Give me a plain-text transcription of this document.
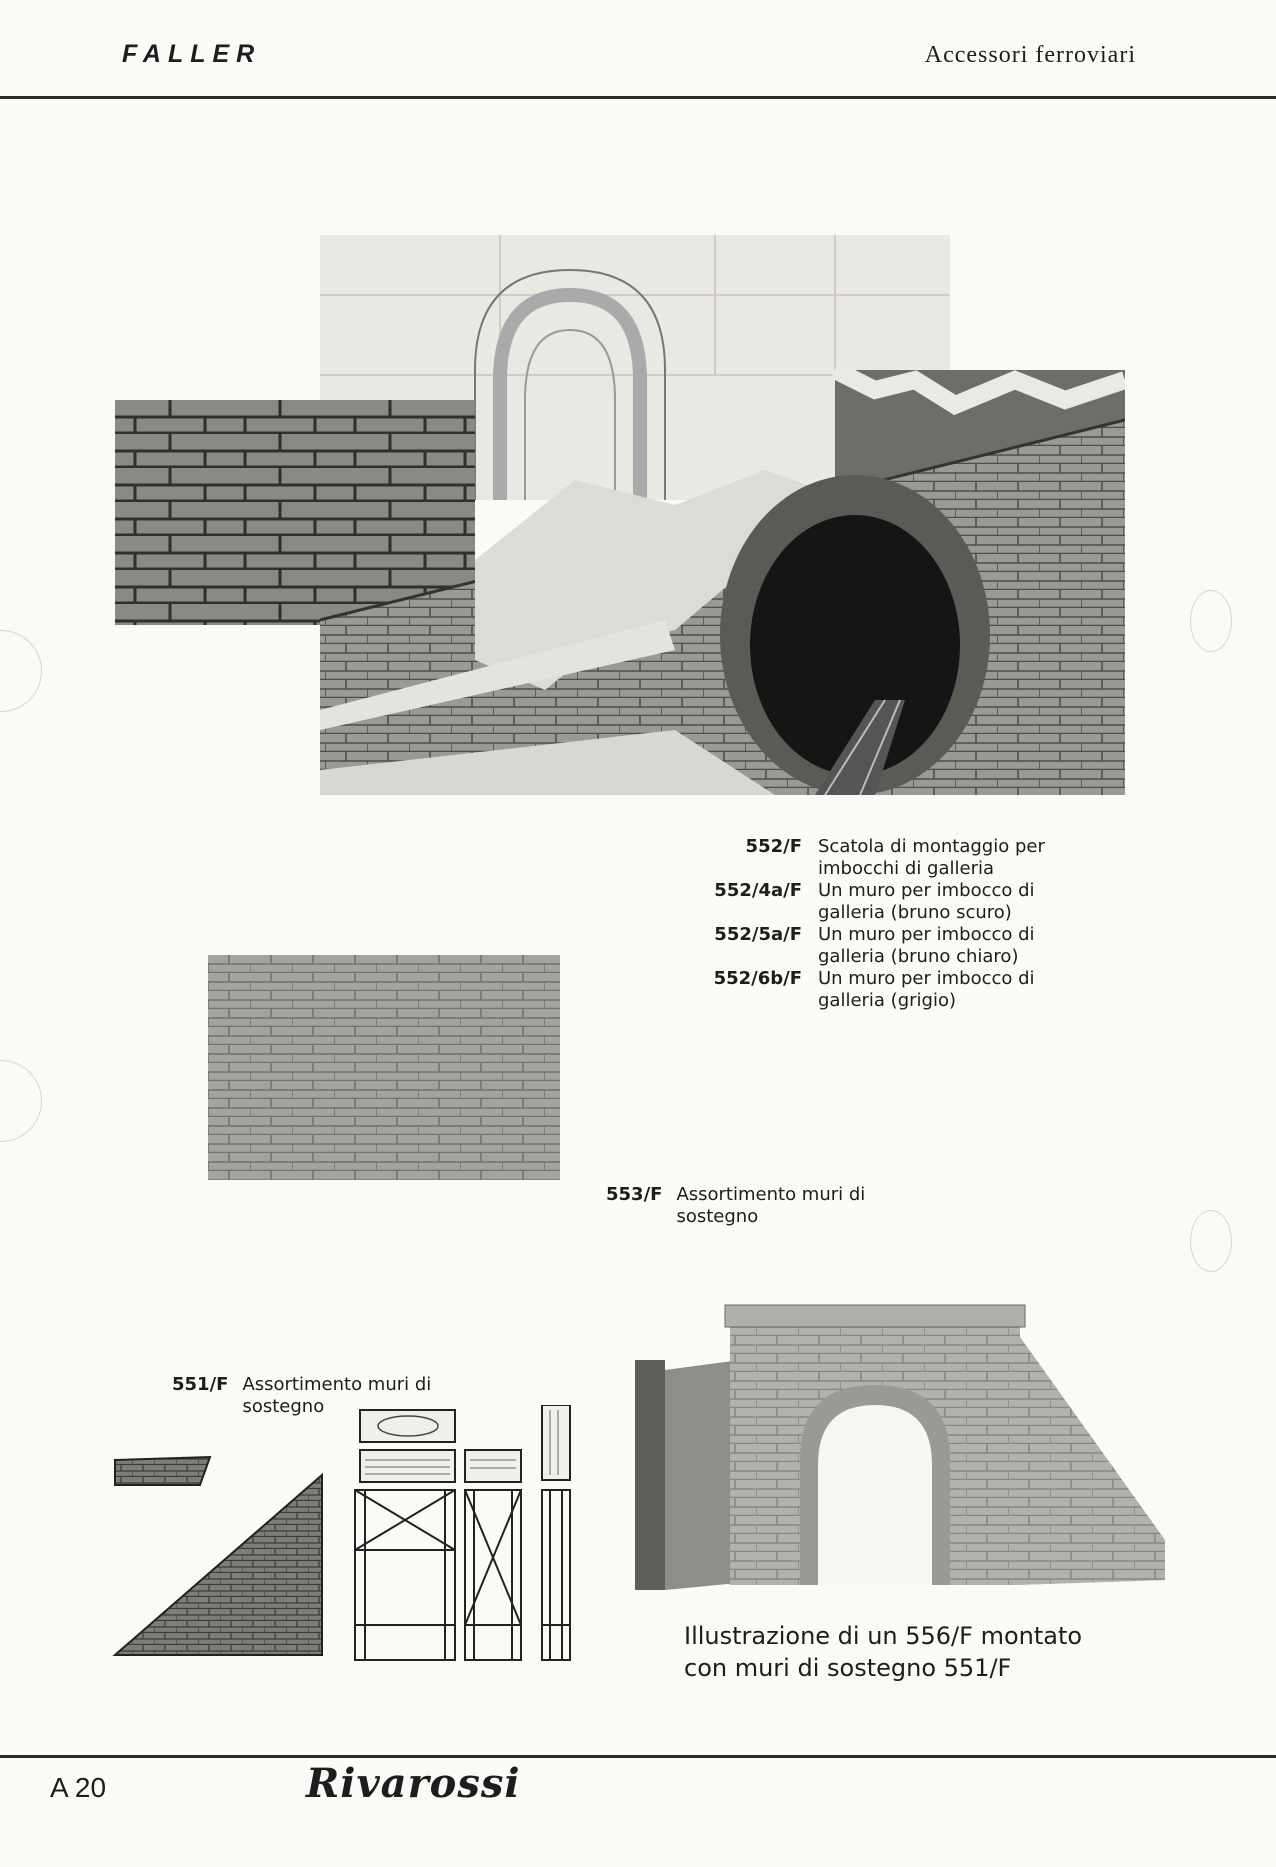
FALLER	Accessori ferroviari
552/F Scatola di montaggio per
imbocchi di galleria
552/4a/F Un muro per imbocco di
galleria (bruno scuro)
552/5a/F Un muro per imbocco di
galleria (bruno chiaro)
552/6b/F Un muro per imbocco di
galleria (grigio)
553/F Assortimento muri di
sostegno
551/F Assortimento muri di
sostegno
Illustrazione di un 556/F montato
con muri di sostegno 551/F
A 20	Rivarossi
